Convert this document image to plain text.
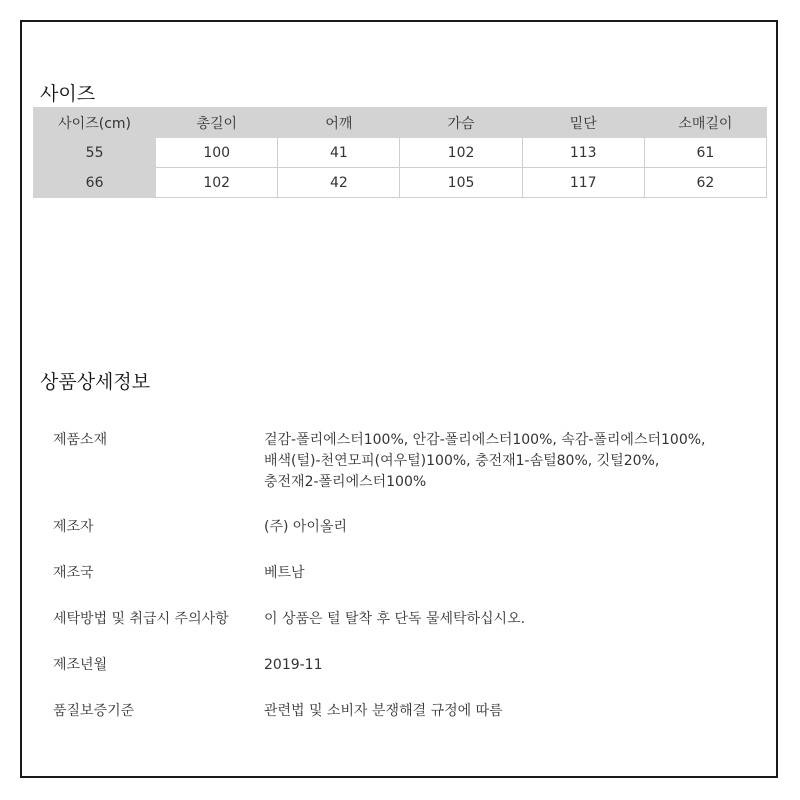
사이즈
사이즈(cm)	총길이	어깨	가슴	밑단	소매길이
55	100	41	102	113	61
66	102	42	105	117	62
상품상세정보
제품소재	겉감-폴리에스터100%, 안감-폴리에스터100%, 속감-폴리에스터100%,
배색(털)-천연모피(여우털)100%, 충전재1-솜털80%, 깃털20%,
충전재2-폴리에스터100%
제조자	(주) 아이올리
재조국	베트남
세탁방법 및 취급시 주의사항	이 상품은 털 탈착 후 단독 물세탁하십시오.
제조년월	2019-11
품질보증기준	관련법 및 소비자 분쟁해결 규정에 따름
